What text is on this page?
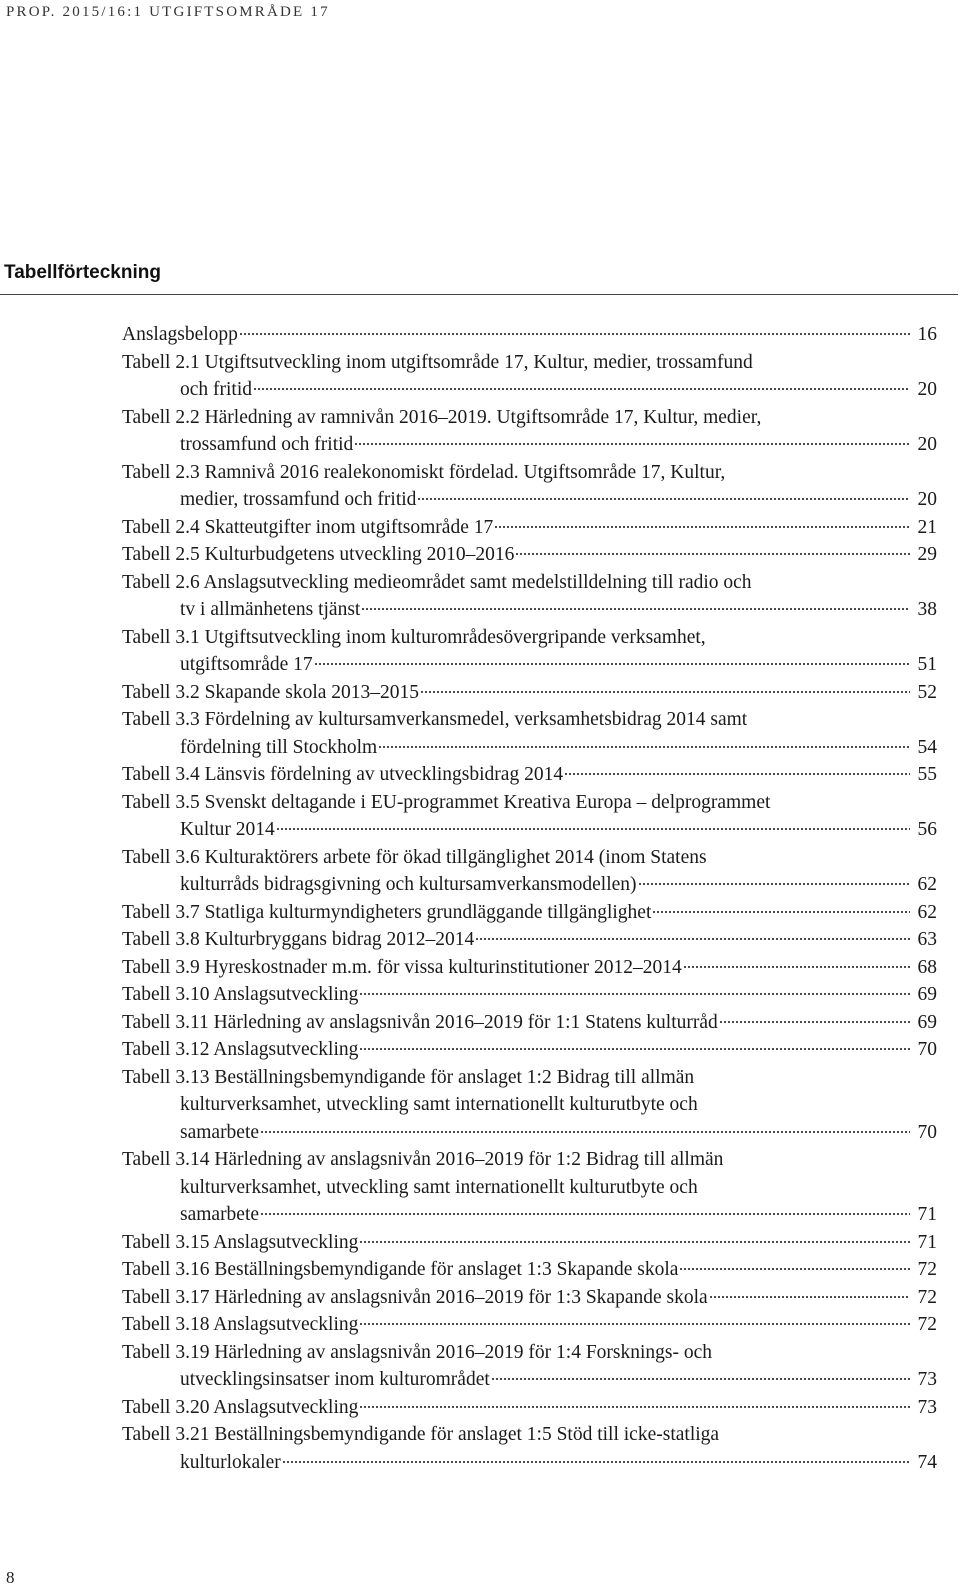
PROP. 2015/16:1 UTGIFTSOMRÅDE 17
Tabellförteckning
Anslagsbelopp	16
Tabell 2.1 Utgiftsutveckling inom utgiftsområde 17, Kultur, medier, trossamfund
och fritid	20
Tabell 2.2 Härledning av ramnivån 2016–2019. Utgiftsområde 17, Kultur, medier,
trossamfund och fritid	20
Tabell 2.3 Ramnivå 2016 realekonomiskt fördelad. Utgiftsområde 17, Kultur,
medier, trossamfund och fritid	20
Tabell 2.4 Skatteutgifter inom utgiftsområde 17	21
Tabell 2.5 Kulturbudgetens utveckling 2010–2016	29
Tabell 2.6 Anslagsutveckling medieområdet samt medelstilldelning till radio och
tv i allmänhetens tjänst	38
Tabell 3.1 Utgiftsutveckling inom kulturområdesövergripande verksamhet,
utgiftsområde 17	51
Tabell 3.2 Skapande skola 2013–2015	52
Tabell 3.3 Fördelning av kultursamverkansmedel, verksamhetsbidrag 2014 samt
fördelning till Stockholm	54
Tabell 3.4 Länsvis fördelning av utvecklingsbidrag 2014	55
Tabell 3.5 Svenskt deltagande i EU-programmet Kreativa Europa – delprogrammet
Kultur 2014	56
Tabell 3.6 Kulturaktörers arbete för ökad tillgänglighet 2014 (inom Statens
kulturråds bidragsgivning och kultursamverkansmodellen)	62
Tabell 3.7 Statliga kulturmyndigheters grundläggande tillgänglighet	62
Tabell 3.8 Kulturbryggans bidrag 2012–2014	63
Tabell 3.9 Hyreskostnader m.m. för vissa kulturinstitutioner 2012–2014	68
Tabell 3.10 Anslagsutveckling	69
Tabell 3.11 Härledning av anslagsnivån 2016–2019 för 1:1 Statens kulturråd	69
Tabell 3.12 Anslagsutveckling	70
Tabell 3.13 Beställningsbemyndigande för anslaget 1:2 Bidrag till allmän
kulturverksamhet, utveckling samt internationellt kulturutbyte och
samarbete	70
Tabell 3.14 Härledning av anslagsnivån 2016–2019 för 1:2 Bidrag till allmän
kulturverksamhet, utveckling samt internationellt kulturutbyte och
samarbete	71
Tabell 3.15 Anslagsutveckling	71
Tabell 3.16 Beställningsbemyndigande för anslaget 1:3 Skapande skola	72
Tabell 3.17 Härledning av anslagsnivån 2016–2019 för 1:3 Skapande skola	72
Tabell 3.18 Anslagsutveckling	72
Tabell 3.19 Härledning av anslagsnivån 2016–2019 för 1:4 Forsknings- och
utvecklingsinsatser inom kulturområdet	73
Tabell 3.20 Anslagsutveckling	73
Tabell 3.21 Beställningsbemyndigande för anslaget 1:5 Stöd till icke-statliga
kulturlokaler	74
8
